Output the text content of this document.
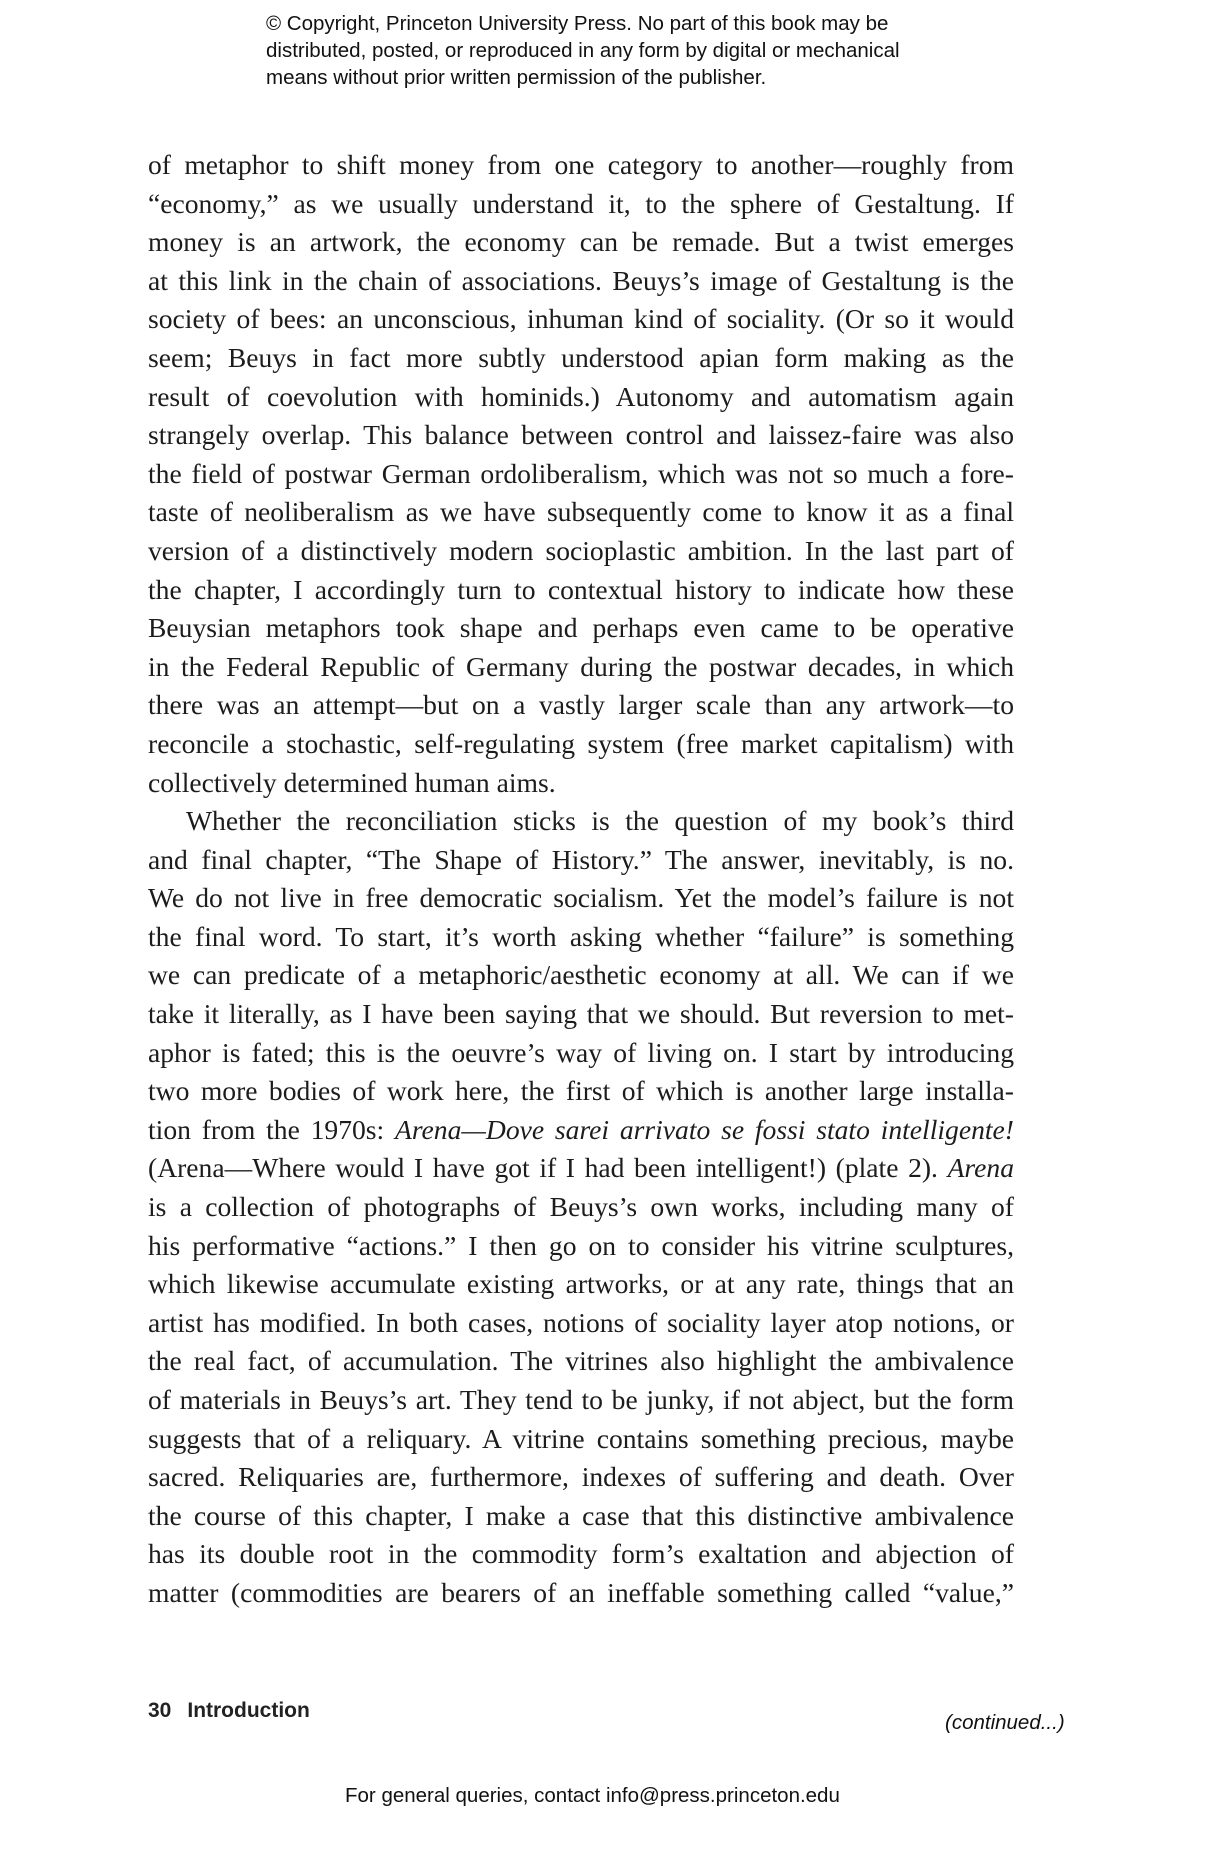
© Copyright, Princeton University Press. No part of this book may be
distributed, posted, or reproduced in any form by digital or mechanical
means without prior written permission of the publisher.
of metaphor to shift money from one category to another—roughly from
“economy,” as we usually understand it, to the sphere of Gestaltung. If
money is an artwork, the economy can be remade. But a twist emerges
at this link in the chain of associations. Beuys’s image of Gestaltung is the
society of bees: an unconscious, inhuman kind of sociality. (Or so it would
seem; Beuys in fact more subtly understood apian form making as the
result of coevolution with hominids.) Autonomy and automatism again
strangely overlap. This balance between control and laissez-faire was also
the field of postwar German ordoliberalism, which was not so much a fore-
taste of neoliberalism as we have subsequently come to know it as a final
version of a distinctively modern socioplastic ambition. In the last part of
the chapter, I accordingly turn to contextual history to indicate how these
Beuysian metaphors took shape and perhaps even came to be operative
in the Federal Republic of Germany during the postwar decades, in which
there was an attempt—but on a vastly larger scale than any artwork—to
reconcile a stochastic, self-regulating system (free market capitalism) with
collectively determined human aims.
Whether the reconciliation sticks is the question of my book’s third
and final chapter, “The Shape of History.” The answer, inevitably, is no.
We do not live in free democratic socialism. Yet the model’s failure is not
the final word. To start, it’s worth asking whether “failure” is something
we can predicate of a metaphoric/aesthetic economy at all. We can if we
take it literally, as I have been saying that we should. But reversion to met-
aphor is fated; this is the oeuvre’s way of living on. I start by introducing
two more bodies of work here, the first of which is another large installa-
tion from the 1970s: Arena—Dove sarei arrivato se fossi stato intelligente!
(Arena—Where would I have got if I had been intelligent!) (plate 2). Arena
is a collection of photographs of Beuys’s own works, including many of
his performative “actions.” I then go on to consider his vitrine sculptures,
which likewise accumulate existing artworks, or at any rate, things that an
artist has modified. In both cases, notions of sociality layer atop notions, or
the real fact, of accumulation. The vitrines also highlight the ambivalence
of materials in Beuys’s art. They tend to be junky, if not abject, but the form
suggests that of a reliquary. A vitrine contains something precious, maybe
sacred. Reliquaries are, furthermore, indexes of suffering and death. Over
the course of this chapter, I make a case that this distinctive ambivalence
has its double root in the commodity form’s exaltation and abjection of
matter (commodities are bearers of an ineffable something called “value,”
30 Introduction
(continued...)
For general queries, contact info@press.princeton.edu
